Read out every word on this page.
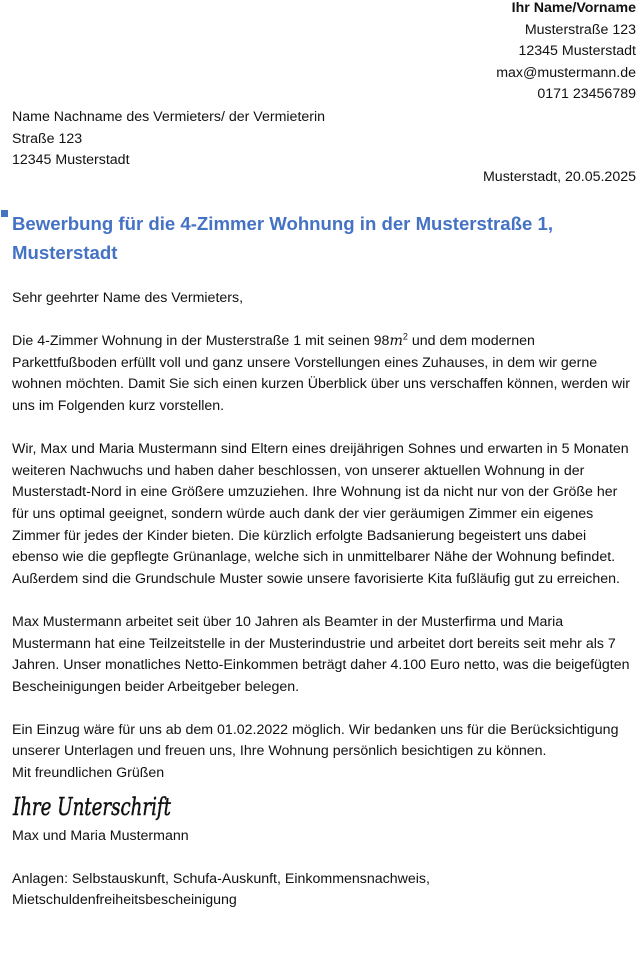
Ihr Name/Vorname
Musterstraße 123
12345 Musterstadt
max@mustermann.de
0171 23456789
Name Nachname des Vermieters/ der Vermieterin
Straße 123
12345 Musterstadt
Musterstadt, 20.05.2025
Bewerbung für die 4-Zimmer Wohnung in der Musterstraße 1, Musterstadt

Sehr geehrter Name des Vermieters,

Die 4-Zimmer Wohnung in der Musterstraße 1 mit seinen $98m^2$ und dem modernen Parkettfußboden erfüllt voll und ganz unsere Vorstellungen eines Zuhauses, in dem wir gerne wohnen möchten. Damit Sie sich einen kurzen Überblick über uns verschaffen können, werden wir uns im Folgenden kurz vorstellen.

Wir, Max und Maria Mustermann sind Eltern eines dreijährigen Sohnes und erwarten in 5 Monaten weiteren Nachwuchs und haben daher beschlossen, von unserer aktuellen Wohnung in der Musterstadt-Nord in eine Größere umzuziehen. Ihre Wohnung ist da nicht nur von der Größe her für uns optimal geeignet, sondern würde auch dank der vier geräumigen Zimmer ein eigenes Zimmer für jedes der Kinder bieten. Die kürzlich erfolgte Badsanierung begeistert uns dabei ebenso wie die gepflegte Grünanlage, welche sich in unmittelbarer Nähe der Wohnung befindet. Außerdem sind die Grundschule Muster sowie unsere favorisierte Kita fußläufig gut zu erreichen.

Max Mustermann arbeitet seit über 10 Jahren als Beamter in der Musterfirma und Maria Mustermann hat eine Teilzeitstelle in der Musterindustrie und arbeitet dort bereits seit mehr als 7 Jahren. Unser monatliches Netto-Einkommen beträgt daher 4.100 Euro netto, was die beigefügten Bescheinigungen beider Arbeitgeber belegen.

Ein Einzug wäre für uns ab dem 01.02.2022 möglich. Wir bedanken uns für die Berücksichtigung unserer Unterlagen und freuen uns, Ihre Wohnung persönlich besichtigen zu können.

Mit freundlichen Grüßen
Ihre Unterschrift
Max und Maria Mustermann
Anlagen: Selbstauskunft, Schufa-Auskunft, Einkommensnachweis, Mietschuldenfreiheitsbescheinigung
